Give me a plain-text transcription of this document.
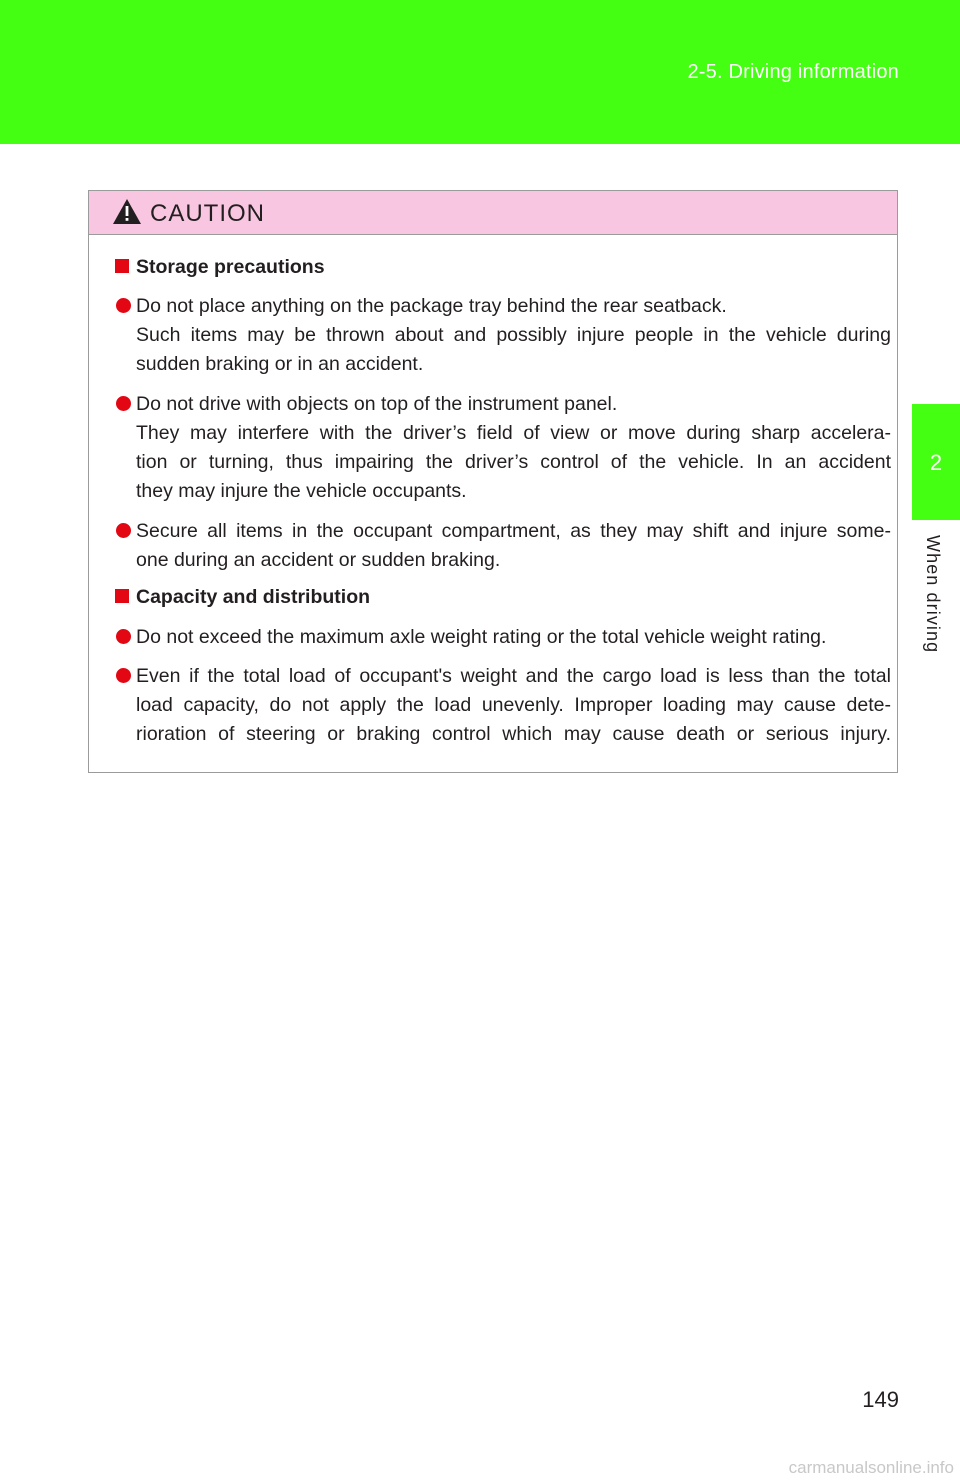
2-5. Driving information
2
When driving
CAUTION
Storage precautions
Do not place anything on the package tray behind the rear seatback.
Such items may be thrown about and possibly injure people in the vehicle during
sudden braking or in an accident.
Do not drive with objects on top of the instrument panel.
They may interfere with the driver’s field of view or move during sharp accelera-
tion or turning, thus impairing the driver’s control of the vehicle. In an accident
they may injure the vehicle occupants.
Secure all items in the occupant compartment, as they may shift and injure some-
one during an accident or sudden braking.
Capacity and distribution
Do not exceed the maximum axle weight rating or the total vehicle weight rating.
Even if the total load of occupant's weight and the cargo load is less than the total
load capacity, do not apply the load unevenly. Improper loading may cause dete-
rioration of steering or braking control which may cause death or serious injury.
149
carmanualsonline.info
